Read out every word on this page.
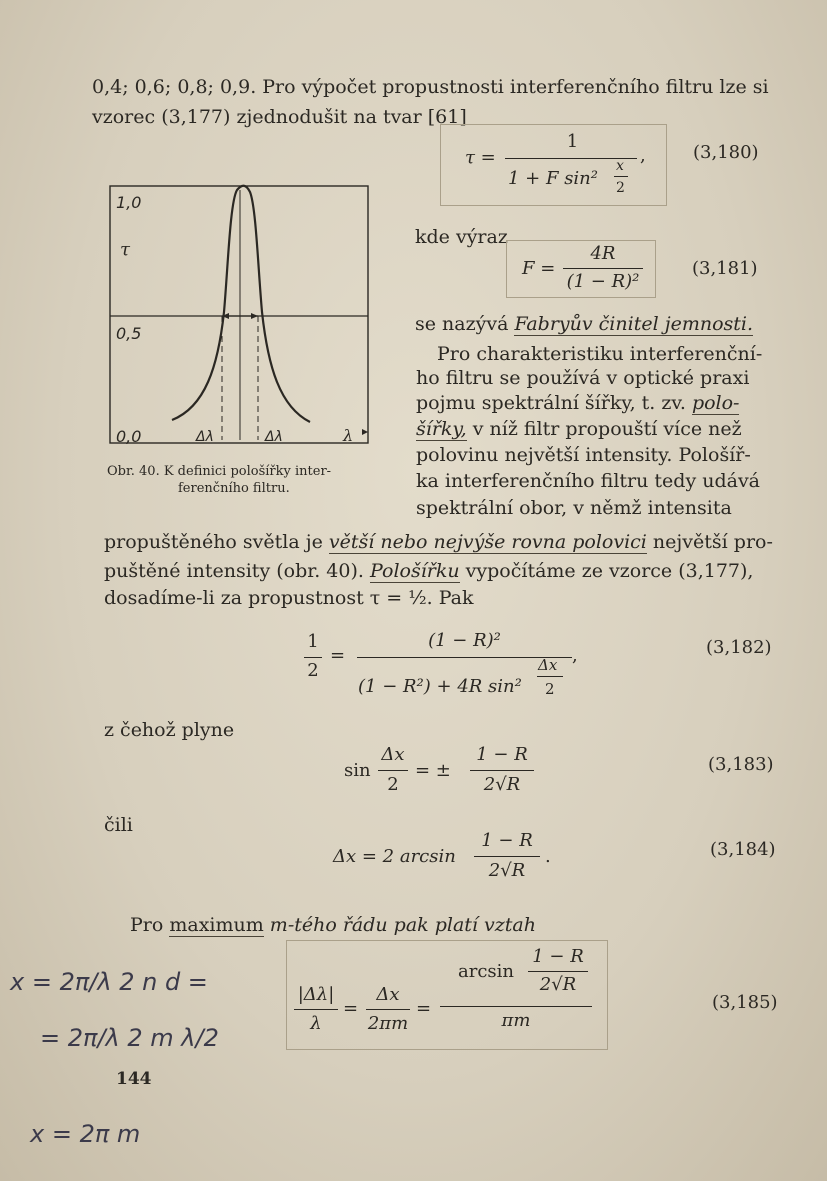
0,4; 0,6; 0,8; 0,9. Pro výpočet propustnosti interferenčního filtru lze si
vzorec (3,177) zjednodušit na tvar [61]
τ =
1
1 + F sin²
x
2
,	(3,180)
1,0
τ
0,5
0,0	Δλ	Δλ	λ
Obr. 40. K definici pološířky inter-
ferenčního filtru.
kde výraz
F =
4R
(1 − R)²
(3,181)
se nazývá Fabryův činitel jemnosti.
Pro charakteristiku interferenční-
ho filtru se používá v optické praxi
pojmu spektrální šířky, t. zv. polo-
šířky, v níž filtr propouští více než
polovinu největší intensity. Pološíř-
ka interferenčního filtru tedy udává
spektrální obor, v němž intensita
propuštěného světla je větší nebo nejvýše rovna polovici největší pro-
puštěné intensity (obr. 40). Pološířku vypočítáme ze vzorce (3,177),
dosadíme-li za propustnost τ = ½. Pak
1
2
=
(1 − R)²
(1 − R²) + 4R sin²
Δx
2
,	(3,182)
z čehož plyne
sin
Δx
2
= ±
1 − R
2√R
(3,183)
čili
Δx = 2 arcsin
1 − R
2√R
.	(3,184)
Pro maximum m-tého řádu pak platí vztah
|Δλ|
λ
=
Δx
2πm
=
arcsin
1 − R
2√R
πm
(3,185)
x = 2π/λ 2 n d =
= 2π/λ 2 m λ/2
x = 2π m
144
